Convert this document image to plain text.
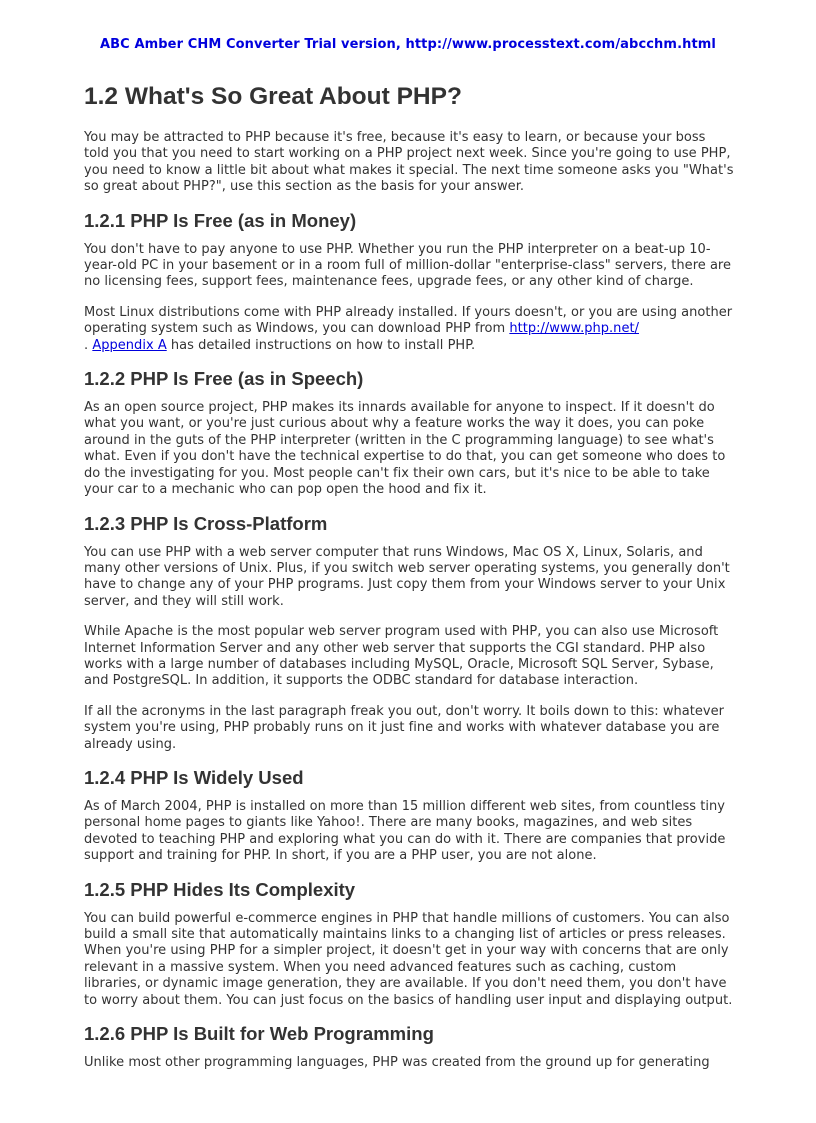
ABC Amber CHM Converter Trial version, http://www.processtext.com/abcchm.html
1.2 What's So Great About PHP?

You may be attracted to PHP because it's free, because it's easy to learn, or because your boss told you that you need to start working on a PHP project next week. Since you're going to use PHP, you need to know a little bit about what makes it special. The next time someone asks you "What's so great about PHP?", use this section as the basis for your answer.

1.2.1 PHP Is Free (as in Money)

You don't have to pay anyone to use PHP. Whether you run the PHP interpreter on a beat-up 10-year-old PC in your basement or in a room full of million-dollar "enterprise-class" servers, there are no licensing fees, support fees, maintenance fees, upgrade fees, or any other kind of charge.

Most Linux distributions come with PHP already installed. If yours doesn't, or you are using another operating system such as Windows, you can download PHP from http://www.php.net/
. Appendix A has detailed instructions on how to install PHP.

1.2.2 PHP Is Free (as in Speech)

As an open source project, PHP makes its innards available for anyone to inspect. If it doesn't do what you want, or you're just curious about why a feature works the way it does, you can poke around in the guts of the PHP interpreter (written in the C programming language) to see what's what. Even if you don't have the technical expertise to do that, you can get someone who does to do the investigating for you. Most people can't fix their own cars, but it's nice to be able to take your car to a mechanic who can pop open the hood and fix it.

1.2.3 PHP Is Cross-Platform

You can use PHP with a web server computer that runs Windows, Mac OS X, Linux, Solaris, and many other versions of Unix. Plus, if you switch web server operating systems, you generally don't have to change any of your PHP programs. Just copy them from your Windows server to your Unix server, and they will still work.

While Apache is the most popular web server program used with PHP, you can also use Microsoft Internet Information Server and any other web server that supports the CGI standard. PHP also works with a large number of databases including MySQL, Oracle, Microsoft SQL Server, Sybase, and PostgreSQL. In addition, it supports the ODBC standard for database interaction.

If all the acronyms in the last paragraph freak you out, don't worry. It boils down to this: whatever system you're using, PHP probably runs on it just fine and works with whatever database you are already using.

1.2.4 PHP Is Widely Used

As of March 2004, PHP is installed on more than 15 million different web sites, from countless tiny personal home pages to giants like Yahoo!. There are many books, magazines, and web sites devoted to teaching PHP and exploring what you can do with it. There are companies that provide support and training for PHP. In short, if you are a PHP user, you are not alone.

1.2.5 PHP Hides Its Complexity

You can build powerful e-commerce engines in PHP that handle millions of customers. You can also build a small site that automatically maintains links to a changing list of articles or press releases. When you're using PHP for a simpler project, it doesn't get in your way with concerns that are only relevant in a massive system. When you need advanced features such as caching, custom libraries, or dynamic image generation, they are available. If you don't need them, you don't have to worry about them. You can just focus on the basics of handling user input and displaying output.

1.2.6 PHP Is Built for Web Programming

Unlike most other programming languages, PHP was created from the ground up for generating
